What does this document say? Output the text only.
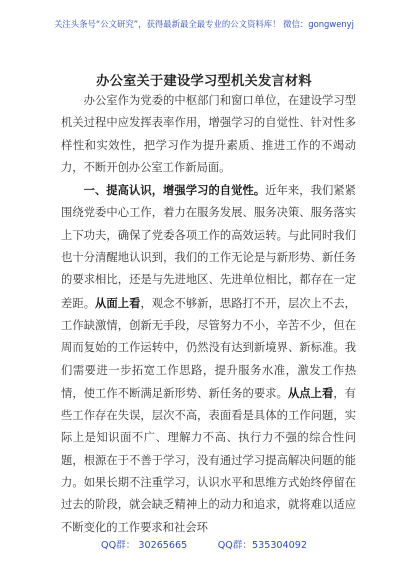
关注头条号“公文研究”，获得最新最全最专业的公文资料库！ 微信：gongwenyj
办公室关于建设学习型机关发言材料

办公室作为党委的中枢部门和窗口单位，在建设学习型机关过程中应发挥表率作用，增强学习的自觉性、针对性多样性和实效性，把学习作为提升素质、推进工作的不竭动力，不断开创办公室工作新局面。

一、提高认识，增强学习的自觉性。近年来，我们紧紧围绕党委中心工作，着力在服务发展、服务决策、服务落实上下功夫，确保了党委各项工作的高效运转。与此同时我们也十分清醒地认识到，我们的工作无论是与新形势、新任务的要求相比，还是与先进地区、先进单位相比，都存在一定差距。从面上看，观念不够新，思路打不开，层次上不去，工作缺激情，创新无手段，尽管努力不小，辛苦不少，但在周而复始的工作运转中，仍然没有达到新境界、新标准。我们需要进一步拓宽工作思路，提升服务水准，激发工作热情，使工作不断满足新形势、新任务的要求。从点上看，有些工作存在失误，层次不高，表面看是具体的工作问题，实际上是知识面不广、理解力不高、执行力不强的综合性问题，根源在于不善于学习，没有通过学习提高解决问题的能力。如果长期不注重学习，认识水平和思维方式始终停留在过去的阶段，就会缺乏精神上的动力和追求，就将难以适应不断变化的工作要求和社会环

QQ群： 30265665          QQ群：535304092
